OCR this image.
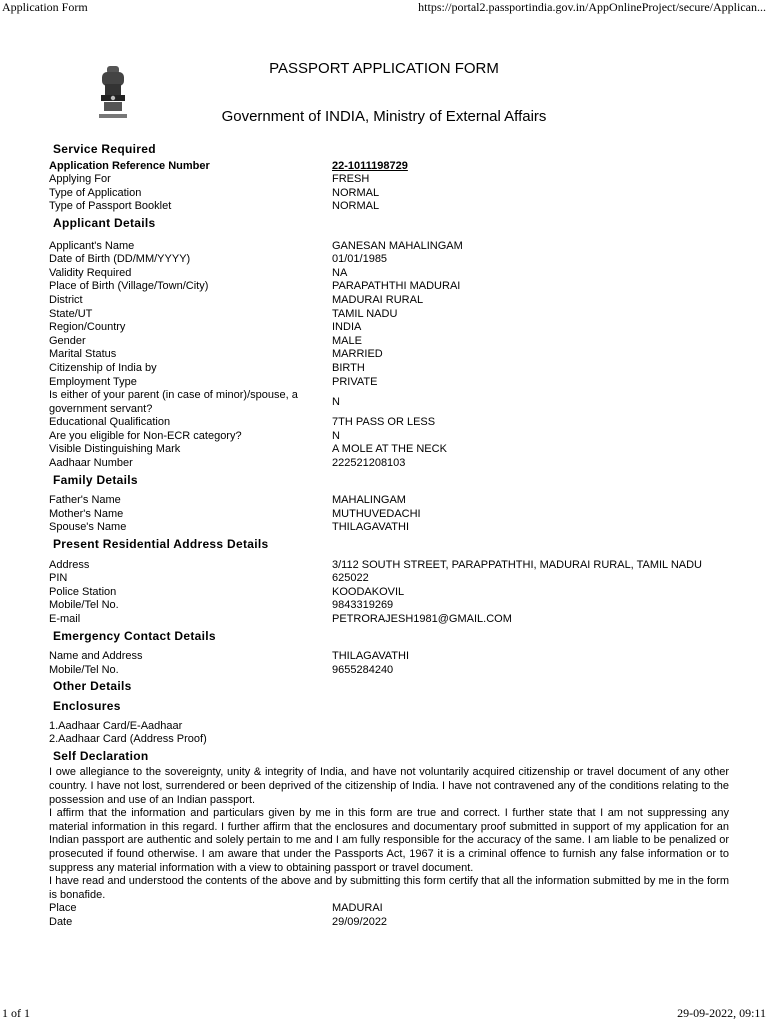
Application Form	https://portal2.passportindia.gov.in/AppOnlineProject/secure/Applican...
PASSPORT APPLICATION FORM
Government of INDIA, Ministry of External Affairs
Service Required
Application Reference Number	22-1011198729
Applying For	FRESH
Type of Application	NORMAL
Type of Passport Booklet	NORMAL
Applicant Details
Applicant's Name	GANESAN MAHALINGAM
Date of Birth (DD/MM/YYYY)	01/01/1985
Validity Required	NA
Place of Birth (Village/Town/City)	PARAPATHTHI MADURAI
District	MADURAI RURAL
State/UT	TAMIL NADU
Region/Country	INDIA
Gender	MALE
Marital Status	MARRIED
Citizenship of India by	BIRTH
Employment Type	PRIVATE
Is either of your parent (in case of minor)/spouse, a government servant?
N
Educational Qualification	7TH PASS OR LESS
Are you eligible for Non-ECR category?	N
Visible Distinguishing Mark	A MOLE AT THE NECK
Aadhaar Number	222521208103
Family Details
Father's Name	MAHALINGAM
Mother's Name	MUTHUVEDACHI
Spouse's Name	THILAGAVATHI
Present Residential Address Details
Address	3/112 SOUTH STREET, PARAPPATHTHI, MADURAI RURAL, TAMIL NADU
PIN	625022
Police Station	KOODAKOVIL
Mobile/Tel No.	9843319269
E-mail	PETRORAJESH1981@GMAIL.COM
Emergency Contact Details
Name and Address	THILAGAVATHI
Mobile/Tel No.	9655284240
Other Details
Enclosures
1.Aadhaar Card/E-Aadhaar
2.Aadhaar Card (Address Proof)
Self Declaration
I owe allegiance to the sovereignty, unity & integrity of India, and have not voluntarily acquired citizenship or travel document of any other country. I have not lost, surrendered or been deprived of the citizenship of India. I have not contravened any of the conditions relating to the possession and use of an Indian passport.
I affirm that the information and particulars given by me in this form are true and correct. I further state that I am not suppressing any material information in this regard. I further affirm that the enclosures and documentary proof submitted in support of my application for an Indian passport are authentic and solely pertain to me and I am fully responsible for the accuracy of the same. I am liable to be penalized or prosecuted if found otherwise. I am aware that under the Passports Act, 1967 it is a criminal offence to furnish any false information or to suppress any material information with a view to obtaining passport or travel document.
I have read and understood the contents of the above and by submitting this form certify that all the information submitted by me in the form is bonafide.
Place	MADURAI
Date	29/09/2022
1 of 1	29-09-2022, 09:11
